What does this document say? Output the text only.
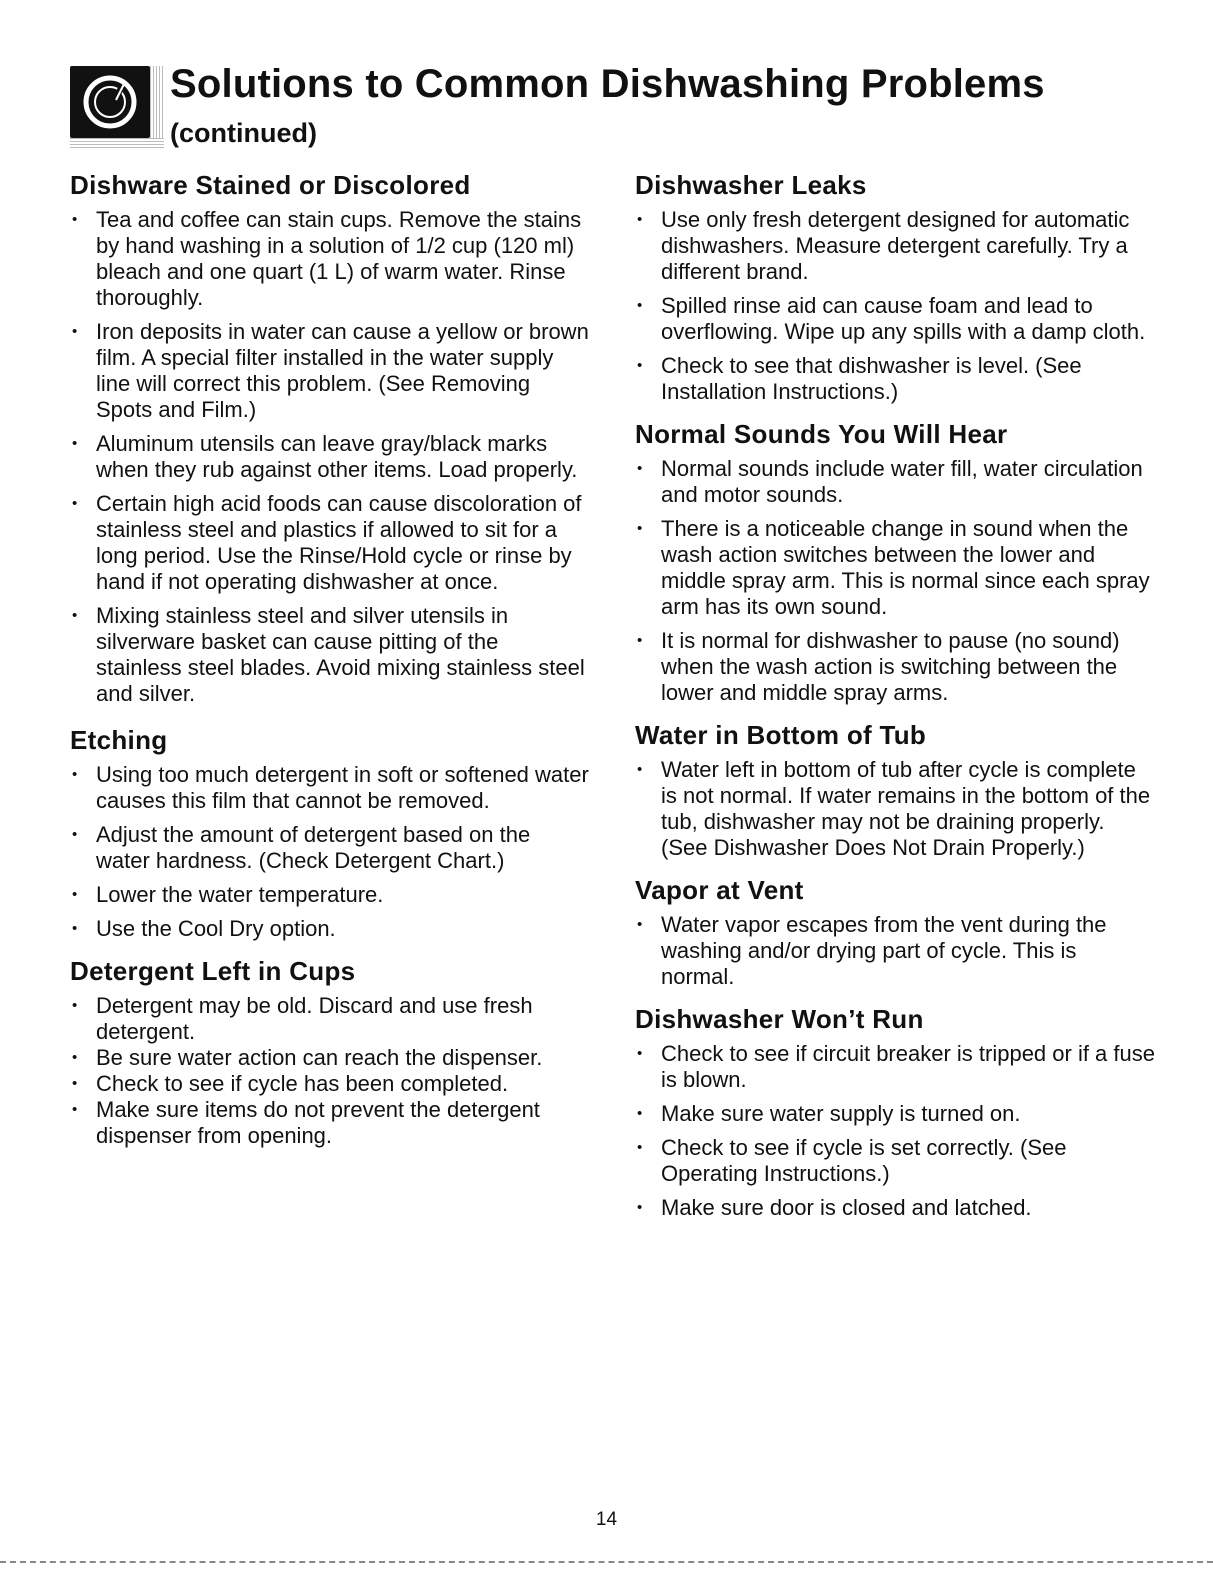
Solutions to Common Dishwashing Problems
(continued)
Dishware Stained or Discolored
• Tea and coffee can stain cups. Remove the stains by hand washing in a solution of 1/2 cup (120 ml) bleach and one quart (1 L) of warm water. Rinse thoroughly.
• Iron deposits in water can cause a yellow or brown film. A special filter installed in the water supply line will correct this problem. (See Removing Spots and Film.)
• Aluminum utensils can leave gray/black marks when they rub against other items. Load properly.
• Certain high acid foods can cause discoloration of stainless steel and plastics if allowed to sit for a long period. Use the Rinse/Hold cycle or rinse by hand if not operating dishwasher at once.
• Mixing stainless steel and silver utensils in silverware basket can cause pitting of the stainless steel blades. Avoid mixing stainless steel and silver.
Etching
• Using too much detergent in soft or softened water causes this film that cannot be removed.
• Adjust the amount of detergent based on the water hardness. (Check Detergent Chart.)
• Lower the water temperature.
• Use the Cool Dry option.
Detergent Left in Cups
• Detergent may be old. Discard and use fresh detergent.
• Be sure water action can reach the dispenser.
• Check to see if cycle has been completed.
• Make sure items do not prevent the detergent dispenser from opening.
Dishwasher Leaks
• Use only fresh detergent designed for automatic dishwashers. Measure detergent carefully. Try a different brand.
• Spilled rinse aid can cause foam and lead to overflowing. Wipe up any spills with a damp cloth.
• Check to see that dishwasher is level. (See Installation Instructions.)
Normal Sounds You Will Hear
• Normal sounds include water fill, water circulation and motor sounds.
• There is a noticeable change in sound when the wash action switches between the lower and middle spray arm. This is normal since each spray arm has its own sound.
• It is normal for dishwasher to pause (no sound) when the wash action is switching between the lower and middle spray arms.
Water in Bottom of Tub
• Water left in bottom of tub after cycle is complete is not normal. If water remains in the bottom of the tub, dishwasher may not be draining properly. (See Dishwasher Does Not Drain Properly.)
Vapor at Vent
• Water vapor escapes from the vent during the washing and/or drying part of cycle. This is normal.
Dishwasher Won’t Run
• Check to see if circuit breaker is tripped or if a fuse is blown.
• Make sure water supply is turned on.
• Check to see if cycle is set correctly. (See Operating Instructions.)
• Make sure door is closed and latched.
14
